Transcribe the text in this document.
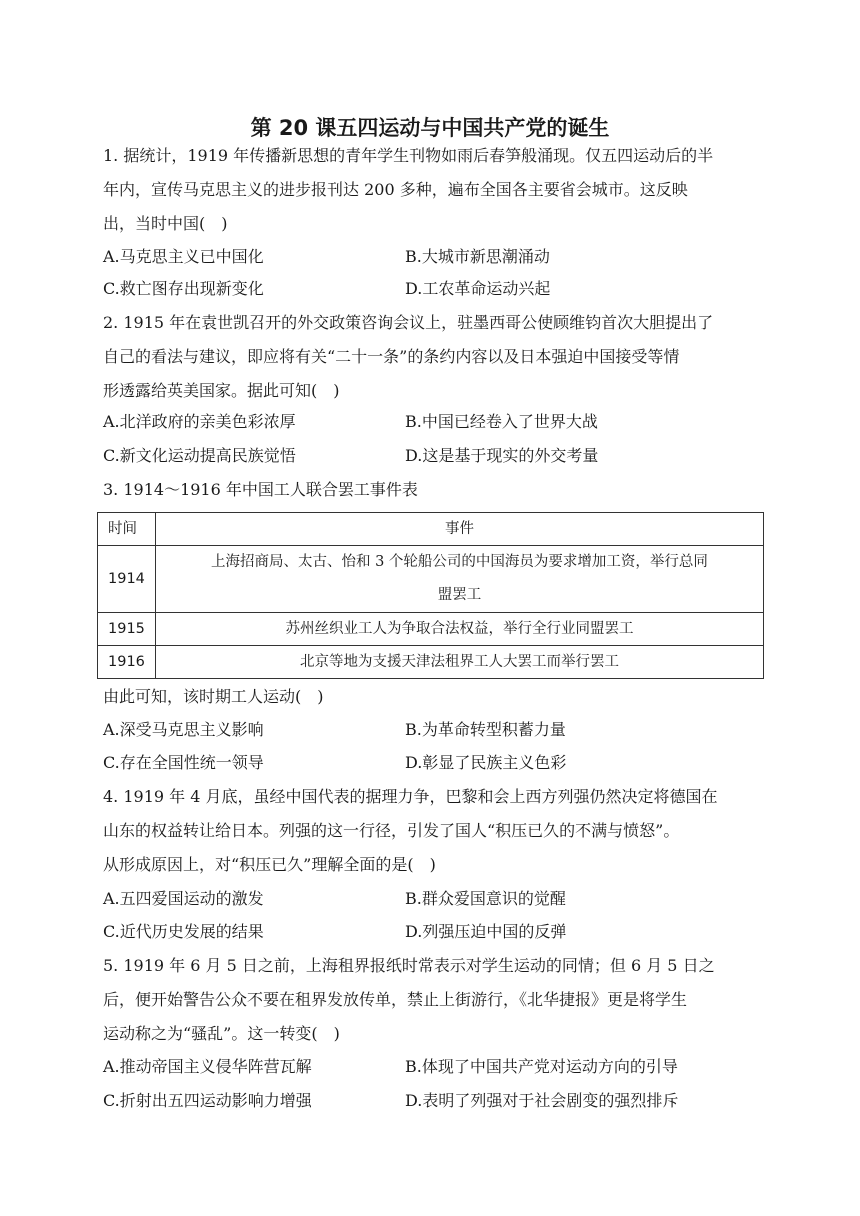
第 20 课五四运动与中国共产党的诞生
1. 据统计，1919 年传播新思想的青年学生刊物如雨后春笋般涌现。仅五四运动后的半
年内，宣传马克思主义的进步报刊达 200 多种，遍布全国各主要省会城市。这反映
出，当时中国(　)
A.马克思主义已中国化	B.大城市新思潮涌动
C.救亡图存出现新变化	D.工农革命运动兴起
2. 1915 年在袁世凯召开的外交政策咨询会议上，驻墨西哥公使顾维钧首次大胆提出了
自己的看法与建议，即应将有关“二十一条”的条约内容以及日本强迫中国接受等情
形透露给英美国家。据此可知(　)
A.北洋政府的亲美色彩浓厚	B.中国已经卷入了世界大战
C.新文化运动提高民族觉悟	D.这是基于现实的外交考量
3. 1914～1916 年中国工人联合罢工事件表
时间	事件
1914	上海招商局、太古、怡和 3 个轮船公司的中国海员为要求增加工资，举行总同
盟罢工

1915	苏州丝织业工人为争取合法权益，举行全行业同盟罢工
1916	北京等地为支援天津法租界工人大罢工而举行罢工
由此可知，该时期工人运动(　)
A.深受马克思主义影响	B.为革命转型积蓄力量
C.存在全国性统一领导	D.彰显了民族主义色彩
4. 1919 年 4 月底，虽经中国代表的据理力争，巴黎和会上西方列强仍然决定将德国在
山东的权益转让给日本。列强的这一行径，引发了国人“积压已久的不满与愤怒”。
从形成原因上，对“积压已久”理解全面的是(　)
A.五四爱国运动的激发	B.群众爱国意识的觉醒
C.近代历史发展的结果	D.列强压迫中国的反弹
5. 1919 年 6 月 5 日之前，上海租界报纸时常表示对学生运动的同情；但 6 月 5 日之
后，便开始警告公众不要在租界发放传单，禁止上街游行，《北华捷报》更是将学生
运动称之为“骚乱”。这一转变(　)
A.推动帝国主义侵华阵营瓦解	B.体现了中国共产党对运动方向的引导
C.折射出五四运动影响力增强	D.表明了列强对于社会剧变的强烈排斥
